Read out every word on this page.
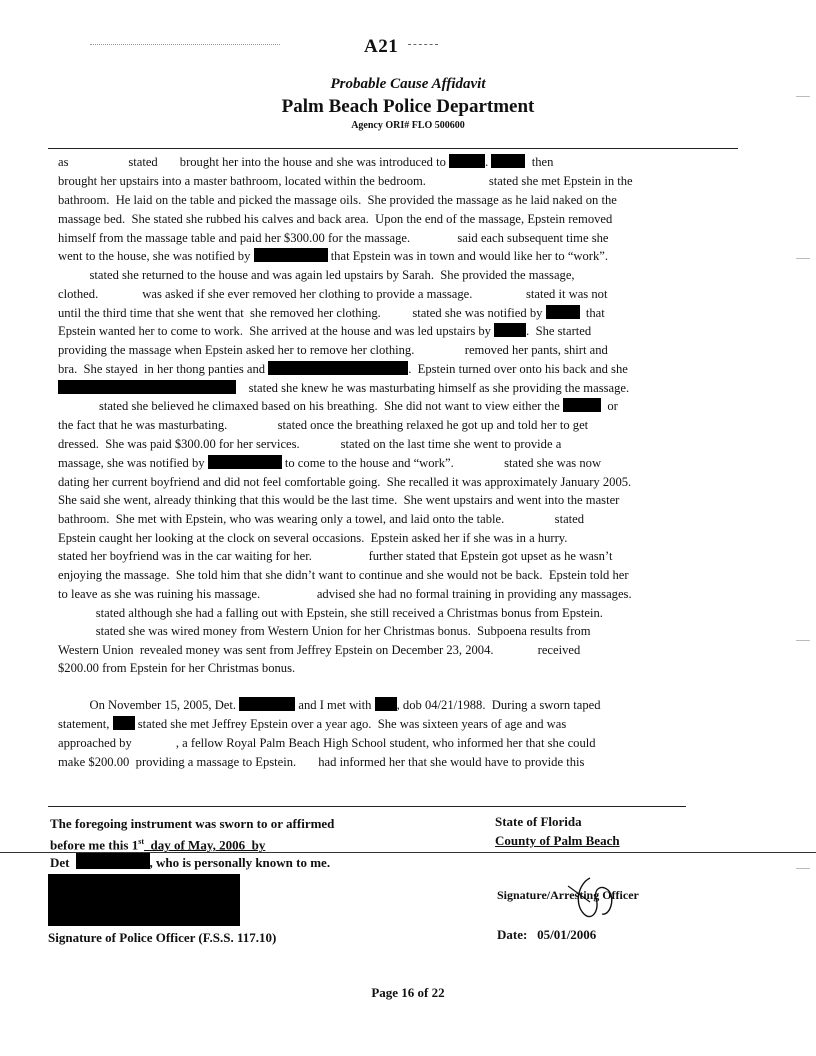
A21
Probable Cause Affidavit
Palm Beach Police Department
Agency ORI# FLO 500600
as	stated brought her into the house and she was introduced to	.	then
brought her upstairs into a master bathroom, located within the bedroom.	stated she met Epstein in the
bathroom.  He laid on the table and picked the massage oils.  She provided the massage as he laid naked on the
massage bed.  She stated she rubbed his calves and back area.  Upon the end of the massage, Epstein removed
himself from the massage table and paid her $300.00 for the massage.	said each subsequent time she
went to the house, she was notified by	that Epstein was in town and would like her to “work”.
stated she returned to the house and was again led upstairs by Sarah.  She provided the massage,
clothed.	was asked if she ever removed her clothing to provide a massage.	stated it was not
until the third time that she went that  she removed her clothing. stated she was notified by	that
Epstein wanted her to come to work.  She arrived at the house and was led upstairs by	.  She started
providing the massage when Epstein asked her to remove her clothing.	removed her pants, shirt and
bra.  She stayed  in her thong panties and	.  Epstein turned over onto his back and she
stated she knew he was masturbating himself as she providing the massage.
stated she believed he climaxed based on his breathing.  She did not want to view either the	or
the fact that he was masturbating.	stated once the breathing relaxed he got up and told her to get
dressed.  She was paid $300.00 for her services.	stated on the last time she went to provide a
massage, she was notified by	to come to the house and “work”.	stated she was now
dating her current boyfriend and did not feel comfortable going.  She recalled it was approximately January 2005.
She said she went, already thinking that this would be the last time.  She went upstairs and went into the master
bathroom.  She met with Epstein, who was wearing only a towel, and laid onto the table.	stated
Epstein caught her looking at the clock on several occasions.  Epstein asked her if she was in a hurry.
stated her boyfriend was in the car waiting for her.	further stated that Epstein got upset as he wasn’t
enjoying the massage.  She told him that she didn’t want to continue and she would not be back.  Epstein told her
to leave as she was ruining his massage.	advised she had no formal training in providing any massages.
stated although she had a falling out with Epstein, she still received a Christmas bonus from Epstein.
stated she was wired money from Western Union for her Christmas bonus.  Subpoena results from
Western Union  revealed money was sent from Jeffrey Epstein on December 23, 2004.	received
$200.00 from Epstein for her Christmas bonus.
On November 15, 2005, Det.	and I met with , dob 04/21/1988.  During a sworn taped
statement, stated she met Jeffrey Epstein over a year ago.  She was sixteen years of age and was
approached by	, a fellow Royal Palm Beach High School student, who informed her that she could
make $200.00  providing a massage to Epstein. had informed her that she would have to provide this
The foregoing instrument was sworn to or affirmed
before me this 1st  day of May, 2006  by
Det	, who is personally known to me.
Signature of Police Officer (F.S.S. 117.10)
State of Florida
County of Palm Beach
Signature/Arresting Officer
Date: 05/01/2006
Page 16 of 22
